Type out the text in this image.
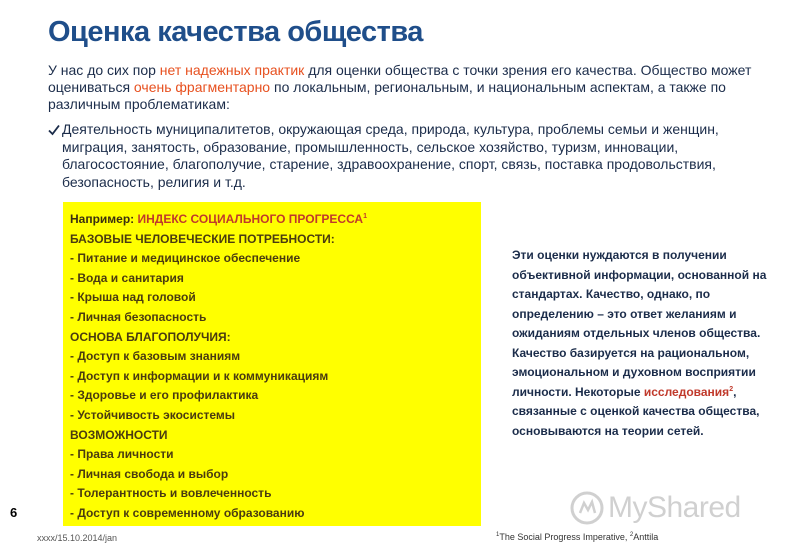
Оценка качества общества
У нас до сих пор нет надежных практик для оценки общества с точки зрения его качества. Общество может оцениваться очень фрагментарно по локальным, региональным, и национальным аспектам, а также по различным проблематикам:
Деятельность муниципалитетов, окружающая среда, природа, культура, проблемы семьи и женщин, миграция, занятость, образование, промышленность, сельское хозяйство, туризм, инновации, благосостояние, благополучие, старение, здравоохранение, спорт, связь, поставка продовольствия, безопасность, религия и т.д.
Например: ИНДЕКС СОЦИАЛЬНОГО ПРОГРЕССА$^1$
БАЗОВЫЕ ЧЕЛОВЕЧЕСКИЕ ПОТРЕБНОСТИ:
- Питание и медицинское обеспечение
- Вода и санитария
- Крыша над головой
- Личная безопасность
ОСНОВА БЛАГОПОЛУЧИЯ:
- Доступ к базовым знаниям
- Доступ к информации и к коммуникациям
- Здоровье и его профилактика
- Устойчивость экосистемы
ВОЗМОЖНОСТИ
- Права личности
- Личная свобода и выбор
- Толерантность и вовлеченность
- Доступ к современному образованию
Эти оценки нуждаются в получении объективной информации, основанной на стандартах. Качество, однако, по определению – это ответ желаниям и ожиданиям отдельных членов общества. Качество базируется на рациональном, эмоциональном и духовном восприятии личности. Некоторые исследования$^2$, связанные с оценкой качества общества, основываются на теории сетей.
6
xxxx/15.10.2014/jan
MyShared
$^1$The Social Progress Imperative, $^2$Anttila
